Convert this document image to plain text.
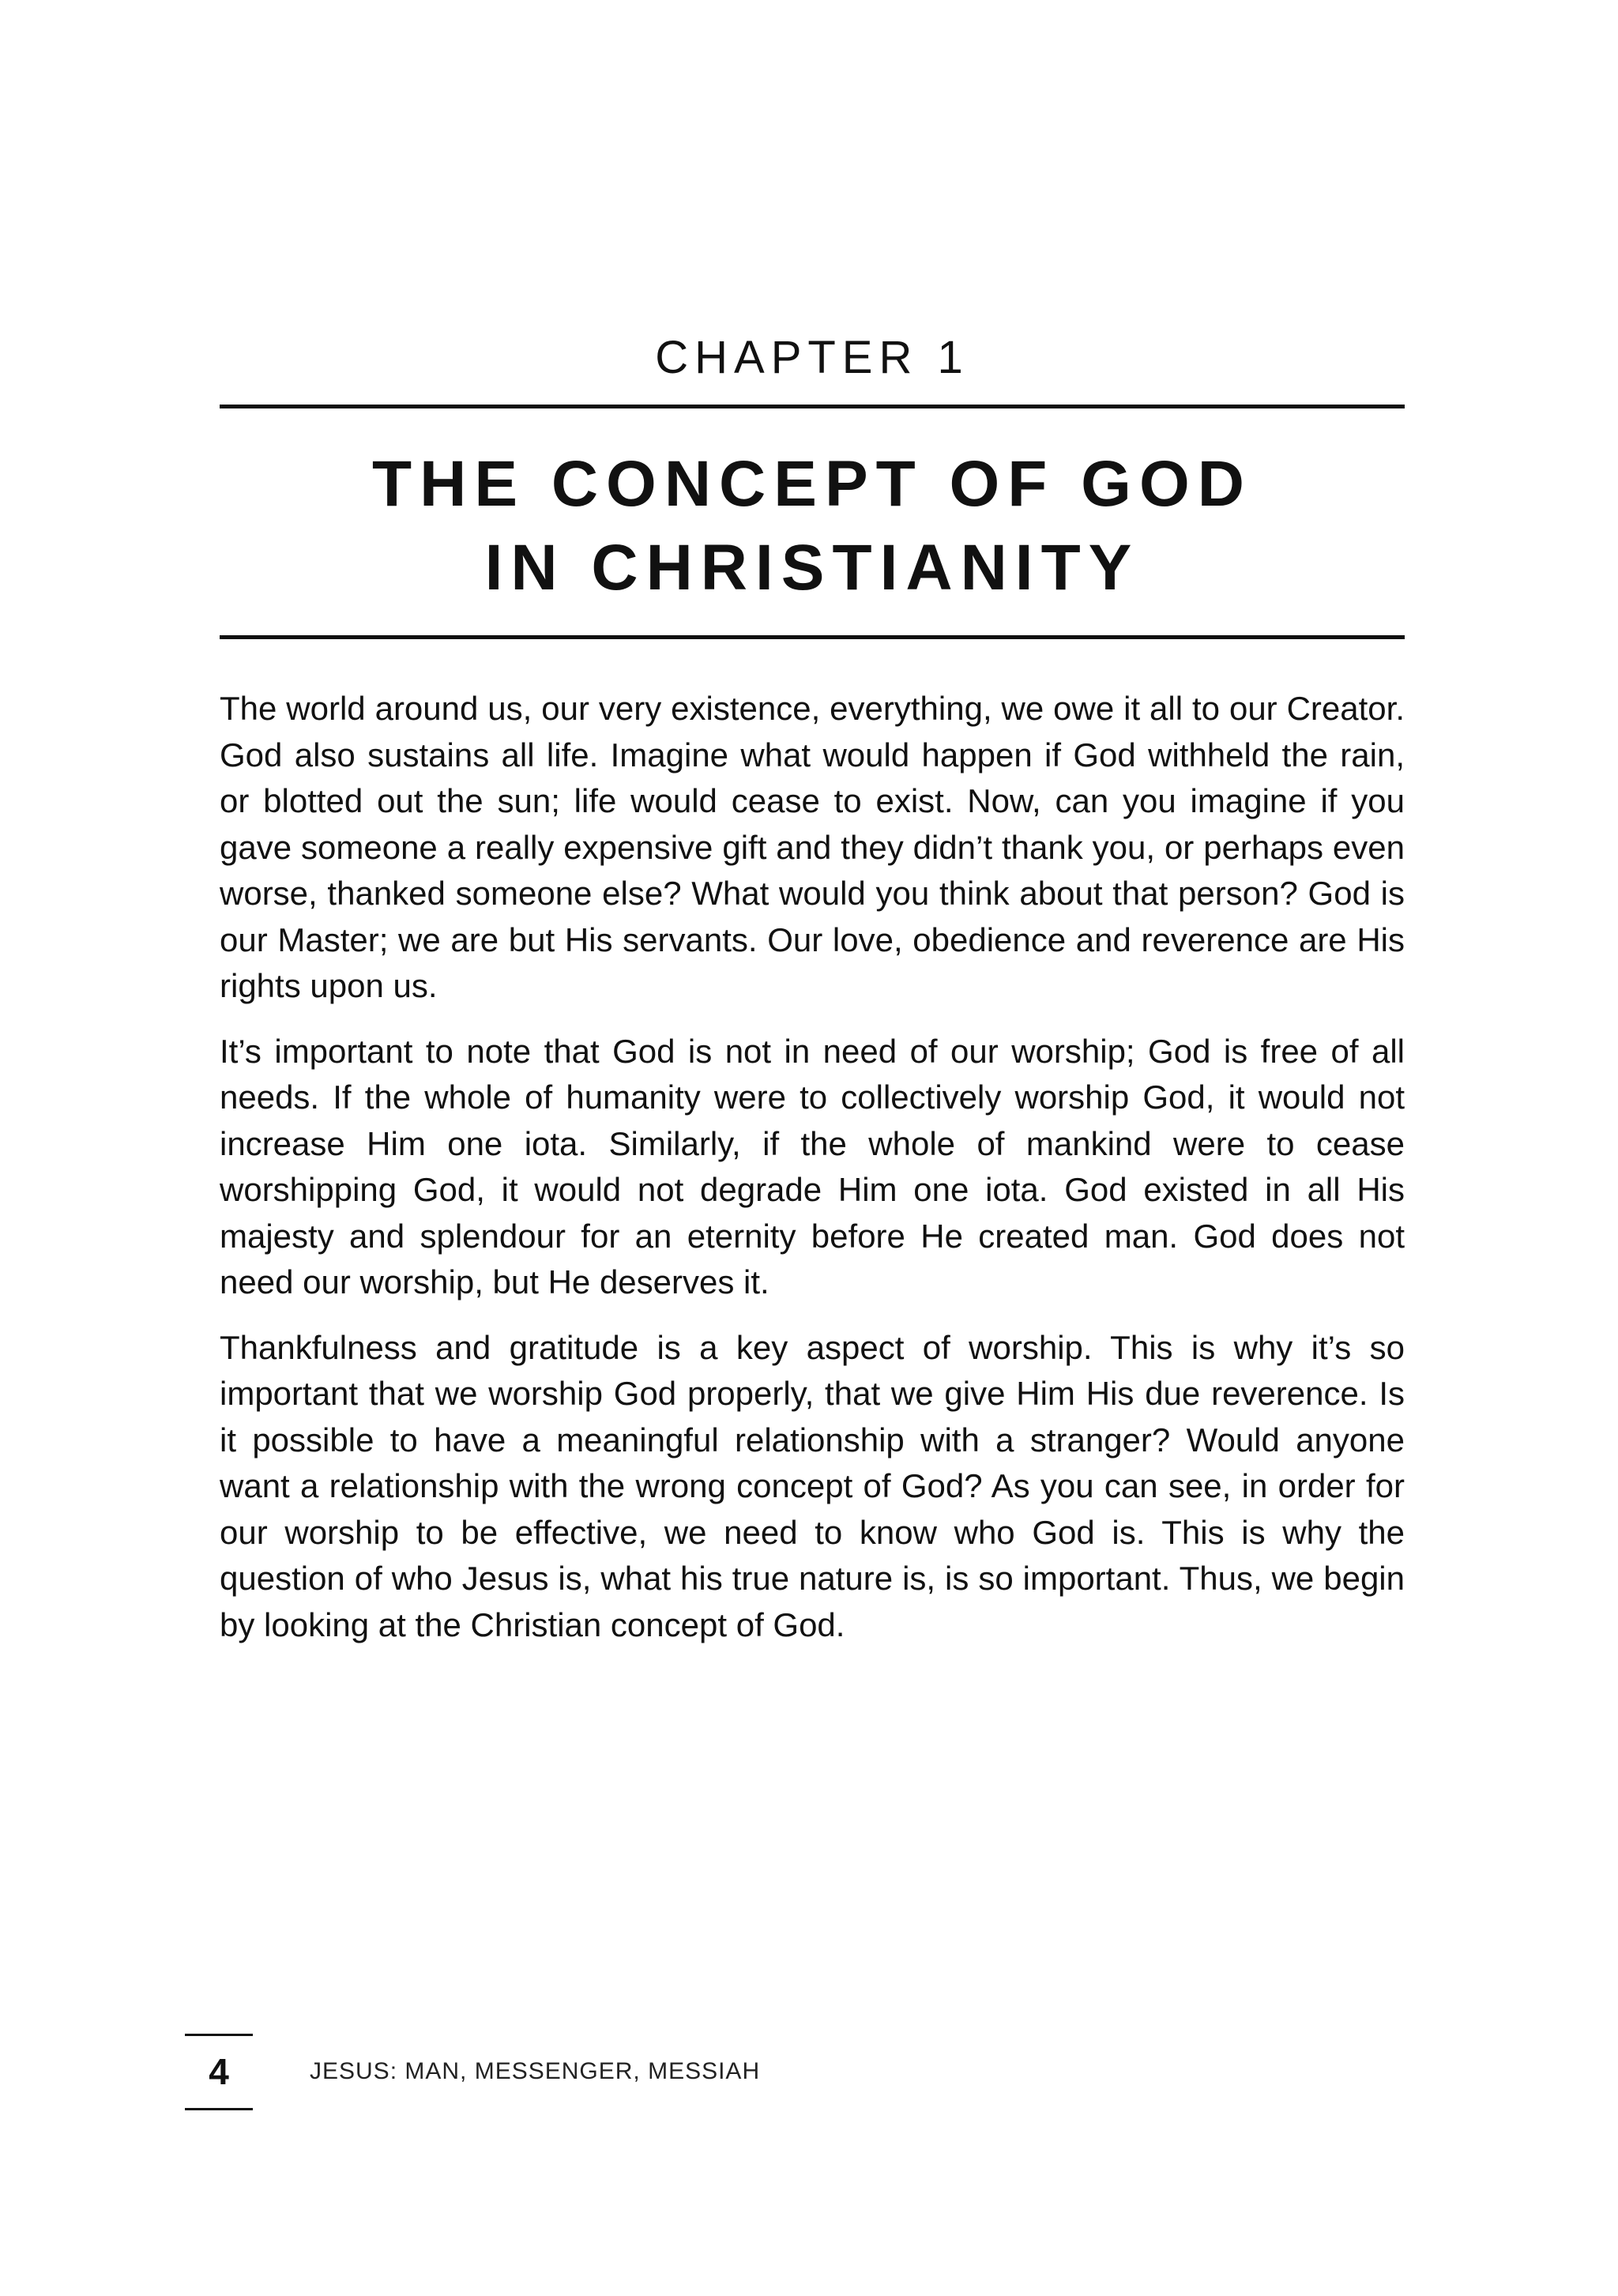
CHAPTER 1
THE CONCEPT OF GOD
IN CHRISTIANITY

The world around us, our very existence, everything, we owe it all to our Creator. God also sustains all life. Imagine what would happen if God withheld the rain, or blotted out the sun; life would cease to exist. Now, can you imagine if you gave someone a really expensive gift and they didn’t thank you, or perhaps even worse, thanked someone else? What would you think about that person? God is our Master; we are but His servants. Our love, obedience and reverence are His rights upon us.

It’s important to note that God is not in need of our worship; God is free of all needs. If the whole of humanity were to collectively worship God, it would not increase Him one iota. Similarly, if the whole of mankind were to cease worshipping God, it would not degrade Him one iota. God existed in all His majesty and splendour for an eternity before He created man. God does not need our worship, but He deserves it.

Thankfulness and gratitude is a key aspect of worship. This is why it’s so important that we worship God properly, that we give Him His due reverence. Is it possible to have a meaningful relationship with a stranger? Would anyone want a relationship with the wrong concept of God? As you can see, in order for our worship to be effective, we need to know who God is. This is why the question of who Jesus is, what his true nature is, is so important. Thus, we begin by looking at the Christian concept of God.

4	JESUS: MAN, MESSENGER, MESSIAH
